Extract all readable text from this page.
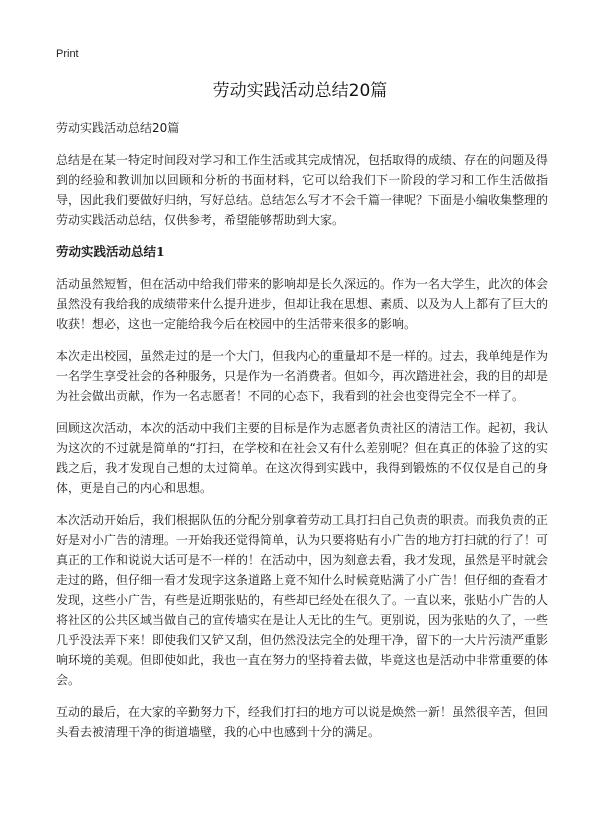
Print
劳动实践活动总结20篇

劳动实践活动总结20篇

总结是在某一特定时间段对学习和工作生活或其完成情况，包括取得的成绩、存在的问题及得到的经验和教训加以回顾和分析的书面材料，它可以给我们下一阶段的学习和工作生活做指导，因此我们要做好归纳，写好总结。总结怎么写才不会千篇一律呢？下面是小编收集整理的劳动实践活动总结，仅供参考，希望能够帮助到大家。

劳动实践活动总结1

活动虽然短暂，但在活动中给我们带来的影响却是长久深远的。作为一名大学生，此次的体会虽然没有我给我的成绩带来什么提升进步，但却让我在思想、素质、以及为人上都有了巨大的收获！想必，这也一定能给我今后在校园中的生活带来很多的影响。

本次走出校园，虽然走过的是一个大门，但我内心的重量却不是一样的。过去，我单纯是作为一名学生享受社会的各种服务，只是作为一名消费者。但如今，再次踏进社会，我的目的却是为社会做出贡献，作为一名志愿者！不同的心态下，我看到的社会也变得完全不一样了。

回顾这次活动，本次的活动中我们主要的目标是作为志愿者负责社区的清洁工作。起初，我认为这次的不过就是简单的“打扫，在学校和在社会又有什么差别呢？但在真正的体验了这的实践之后，我才发现自己想的太过简单。在这次得到实践中，我得到锻炼的不仅仅是自己的身体，更是自己的内心和思想。

本次活动开始后，我们根据队伍的分配分别拿着劳动工具打扫自己负责的职责。而我负责的正好是对小广告的清理。一开始我还觉得简单，认为只要将贴有小广告的地方打扫就的行了！可真正的工作和说说大话可是不一样的！在活动中，因为刻意去看，我才发现，虽然是平时就会走过的路，但仔细一看才发现字这条道路上竟不知什么时候竟贴满了小广告！但仔细的查看才发现，这些小广告，有些是近期张贴的，有些却已经处在很久了。一直以来，张贴小广告的人将社区的公共区域当做自己的宣传墙实在是让人无比的生气。更别说，因为张贴的久了，一些几乎没法弄下来！即使我们又铲又刮，但仍然没法完全的处理干净，留下的一大片污渍严重影响环境的美观。但即使如此，我也一直在努力的坚持着去做，毕竟这也是活动中非常重要的体会。

互动的最后，在大家的辛勤努力下，经我们打扫的地方可以说是焕然一新！虽然很辛苦，但回头看去被清理干净的街道墙壁，我的心中也感到十分的满足。
